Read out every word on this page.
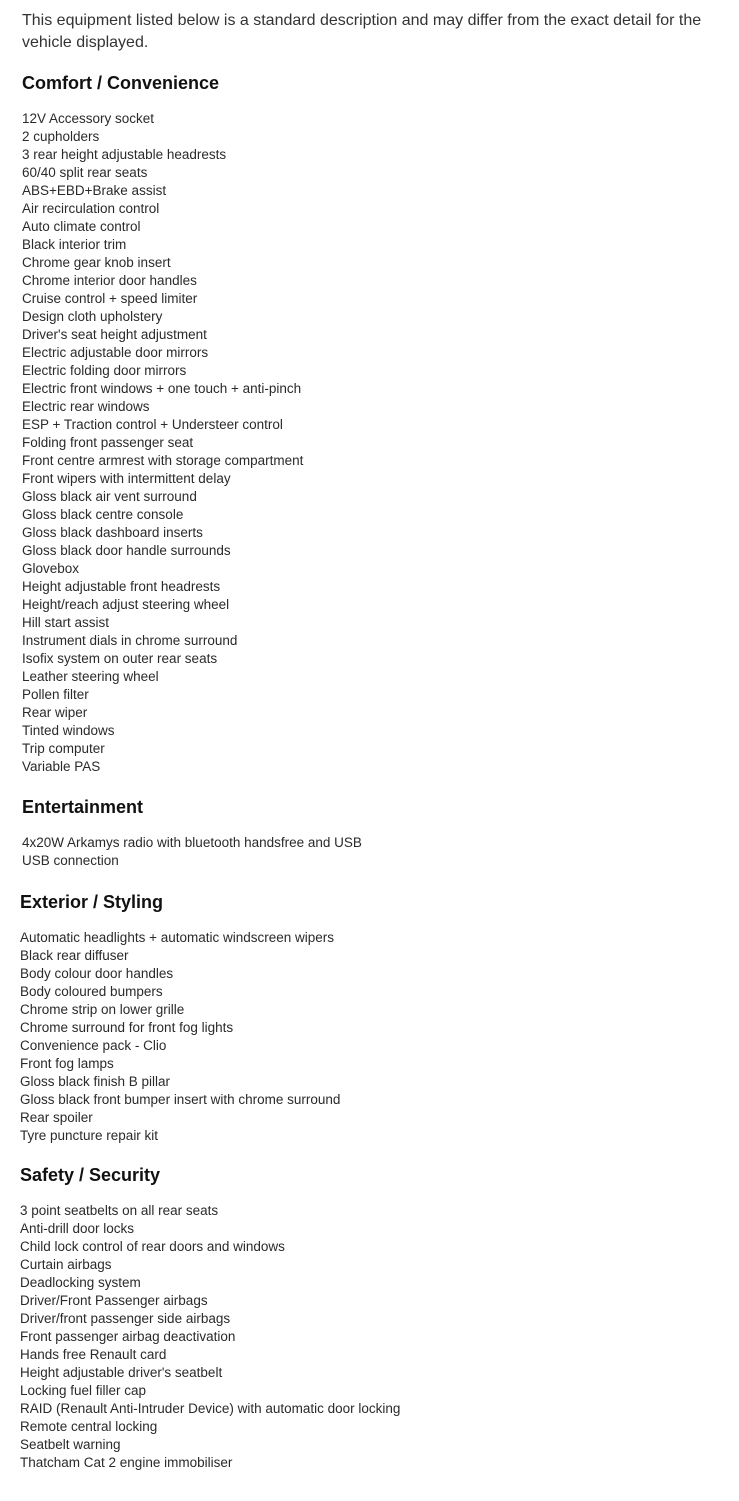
This equipment listed below is a standard description and may differ from the exact detail for the vehicle displayed.

Comfort / Convenience
12V Accessory socket
2 cupholders
3 rear height adjustable headrests
60/40 split rear seats
ABS+EBD+Brake assist
Air recirculation control
Auto climate control
Black interior trim
Chrome gear knob insert
Chrome interior door handles
Cruise control + speed limiter
Design cloth upholstery
Driver's seat height adjustment
Electric adjustable door mirrors
Electric folding door mirrors
Electric front windows + one touch + anti-pinch
Electric rear windows
ESP + Traction control + Understeer control
Folding front passenger seat
Front centre armrest with storage compartment
Front wipers with intermittent delay
Gloss black air vent surround
Gloss black centre console
Gloss black dashboard inserts
Gloss black door handle surrounds
Glovebox
Height adjustable front headrests
Height/reach adjust steering wheel
Hill start assist
Instrument dials in chrome surround
Isofix system on outer rear seats
Leather steering wheel
Pollen filter
Rear wiper
Tinted windows
Trip computer
Variable PAS
Entertainment
4x20W Arkamys radio with bluetooth handsfree and USB
USB connection
Exterior / Styling
Automatic headlights + automatic windscreen wipers
Black rear diffuser
Body colour door handles
Body coloured bumpers
Chrome strip on lower grille
Chrome surround for front fog lights
Convenience pack - Clio
Front fog lamps
Gloss black finish B pillar
Gloss black front bumper insert with chrome surround
Rear spoiler
Tyre puncture repair kit
Safety / Security
3 point seatbelts on all rear seats
Anti-drill door locks
Child lock control of rear doors and windows
Curtain airbags
Deadlocking system
Driver/Front Passenger airbags
Driver/front passenger side airbags
Front passenger airbag deactivation
Hands free Renault card
Height adjustable driver's seatbelt
Locking fuel filler cap
RAID (Renault Anti-Intruder Device) with automatic door locking
Remote central locking
Seatbelt warning
Thatcham Cat 2 engine immobiliser
